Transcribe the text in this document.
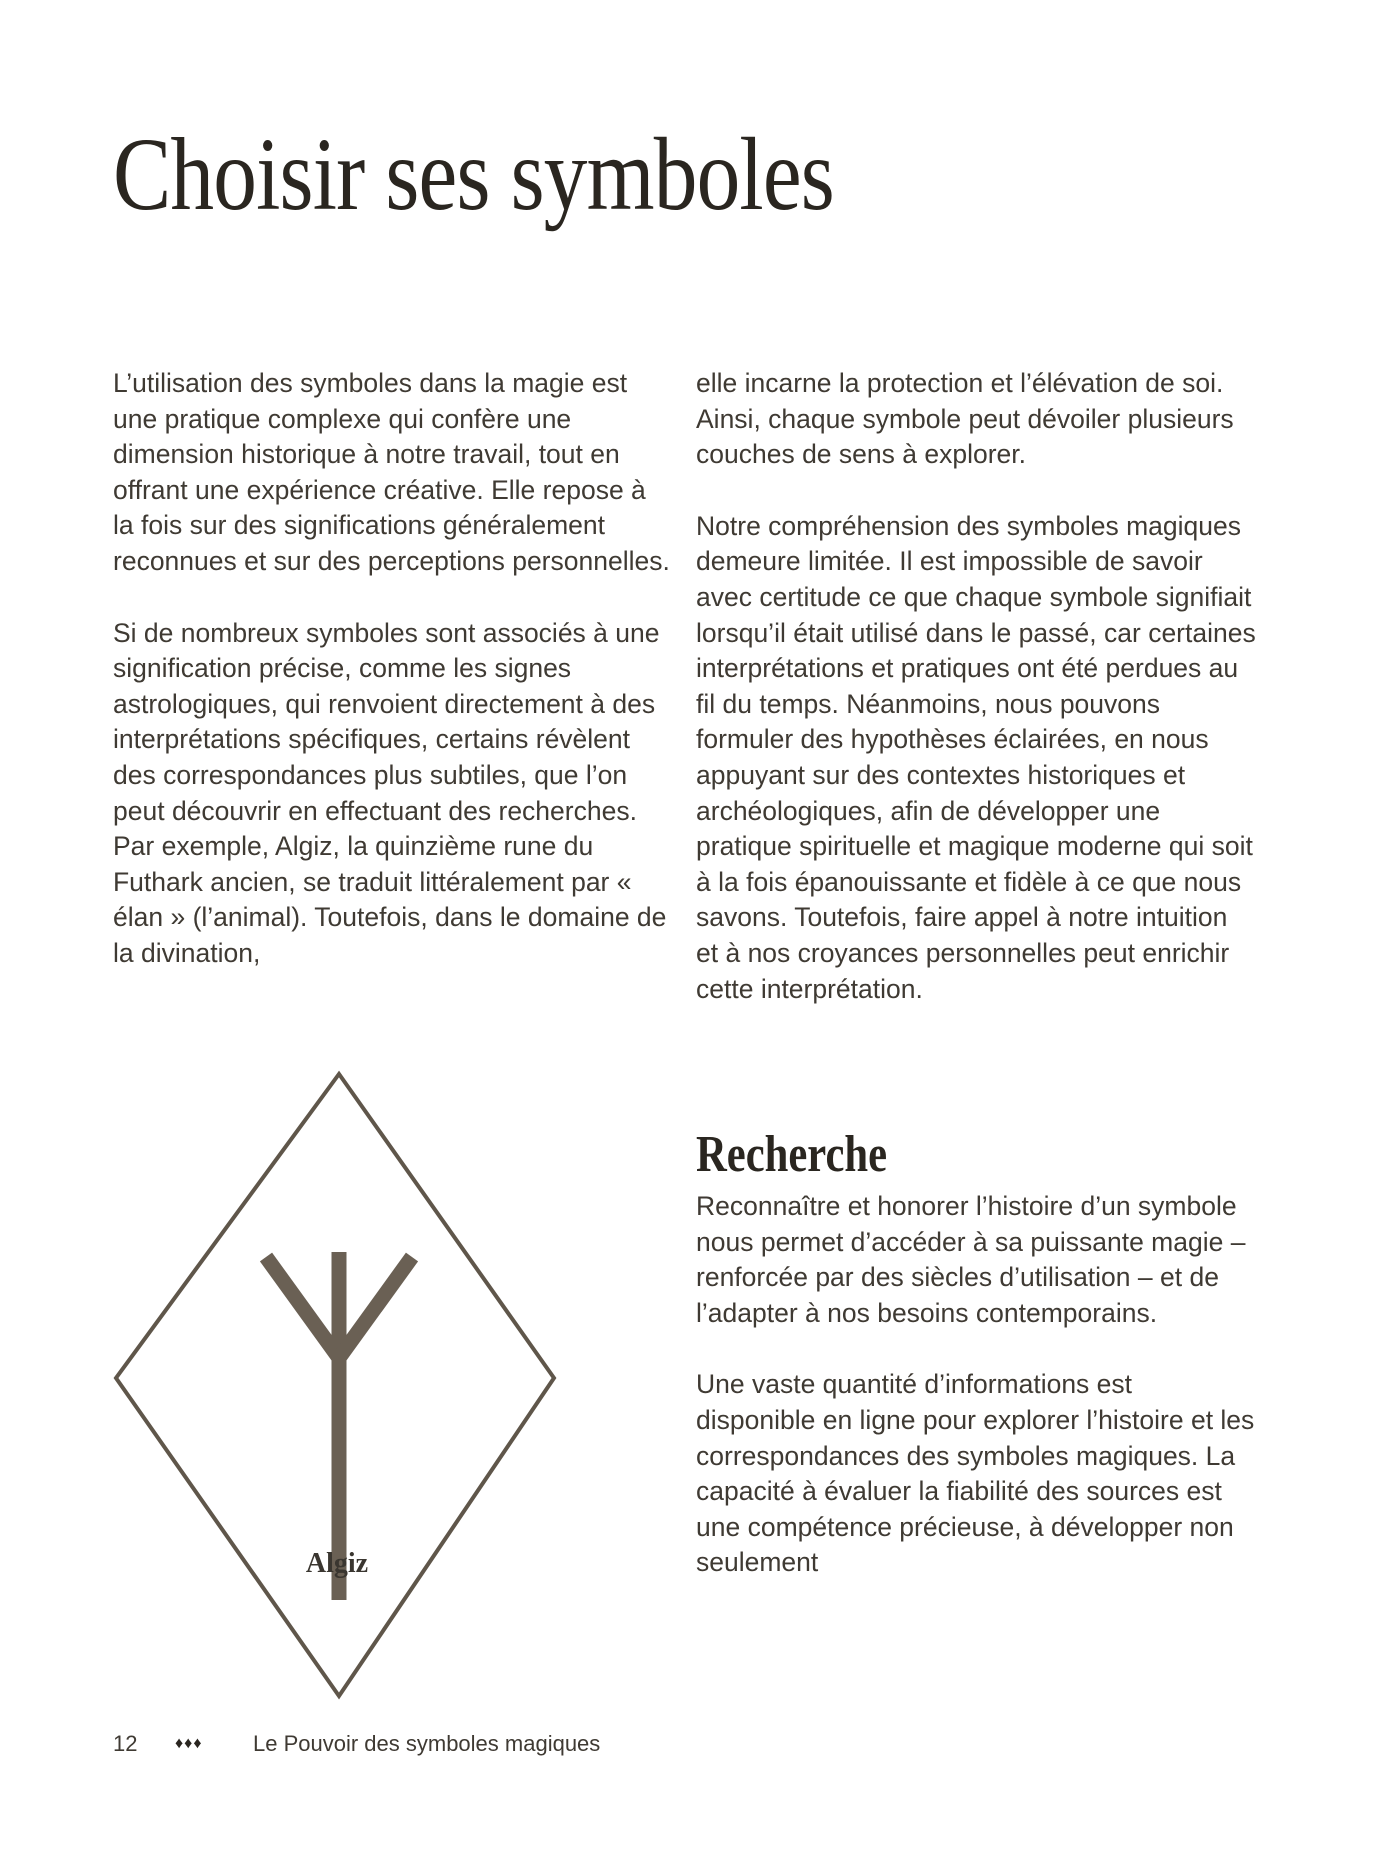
Choisir ses symboles

L’utilisation des symboles dans la magie est une pratique complexe qui confère une dimension historique à notre travail, tout en offrant une expérience créative. Elle repose à la fois sur des significations généralement reconnues et sur des perceptions personnelles.

Si de nombreux symboles sont associés à une signification précise, comme les signes astrologiques, qui renvoient directement à des interprétations spécifiques, certains révèlent des correspondances plus subtiles, que l’on peut découvrir en effectuant des recherches. Par exemple, Algiz, la quinzième rune du Futhark ancien, se traduit littéralement par « élan » (l’animal). Toutefois, dans le domaine de la divination,

elle incarne la protection et l’élévation de soi. Ainsi, chaque symbole peut dévoiler plusieurs couches de sens à explorer.

Notre compréhension des symboles magiques demeure limitée. Il est impossible de savoir avec certitude ce que chaque symbole signifiait lorsqu’il était utilisé dans le passé, car certaines interprétations et pratiques ont été perdues au fil du temps. Néanmoins, nous pouvons formuler des hypothèses éclairées, en nous appuyant sur des contextes historiques et archéologiques, afin de développer une pratique spirituelle et magique moderne qui soit à la fois épanouissante et fidèle à ce que nous savons. Toutefois, faire appel à notre intuition et à nos croyances personnelles peut enrichir cette interprétation.

Recherche

Reconnaître et honorer l’histoire d’un symbole nous permet d’accéder à sa puissante magie – renforcée par des siècles d’utilisation – et de l’adapter à nos besoins contemporains.

Une vaste quantité d’informations est disponible en ligne pour explorer l’histoire et les correspondances des symboles magiques. La capacité à évaluer la fiabilité des sources est une compétence précieuse, à développer non seulement

Algiz
12	♦♦♦	Le Pouvoir des symboles magiques
